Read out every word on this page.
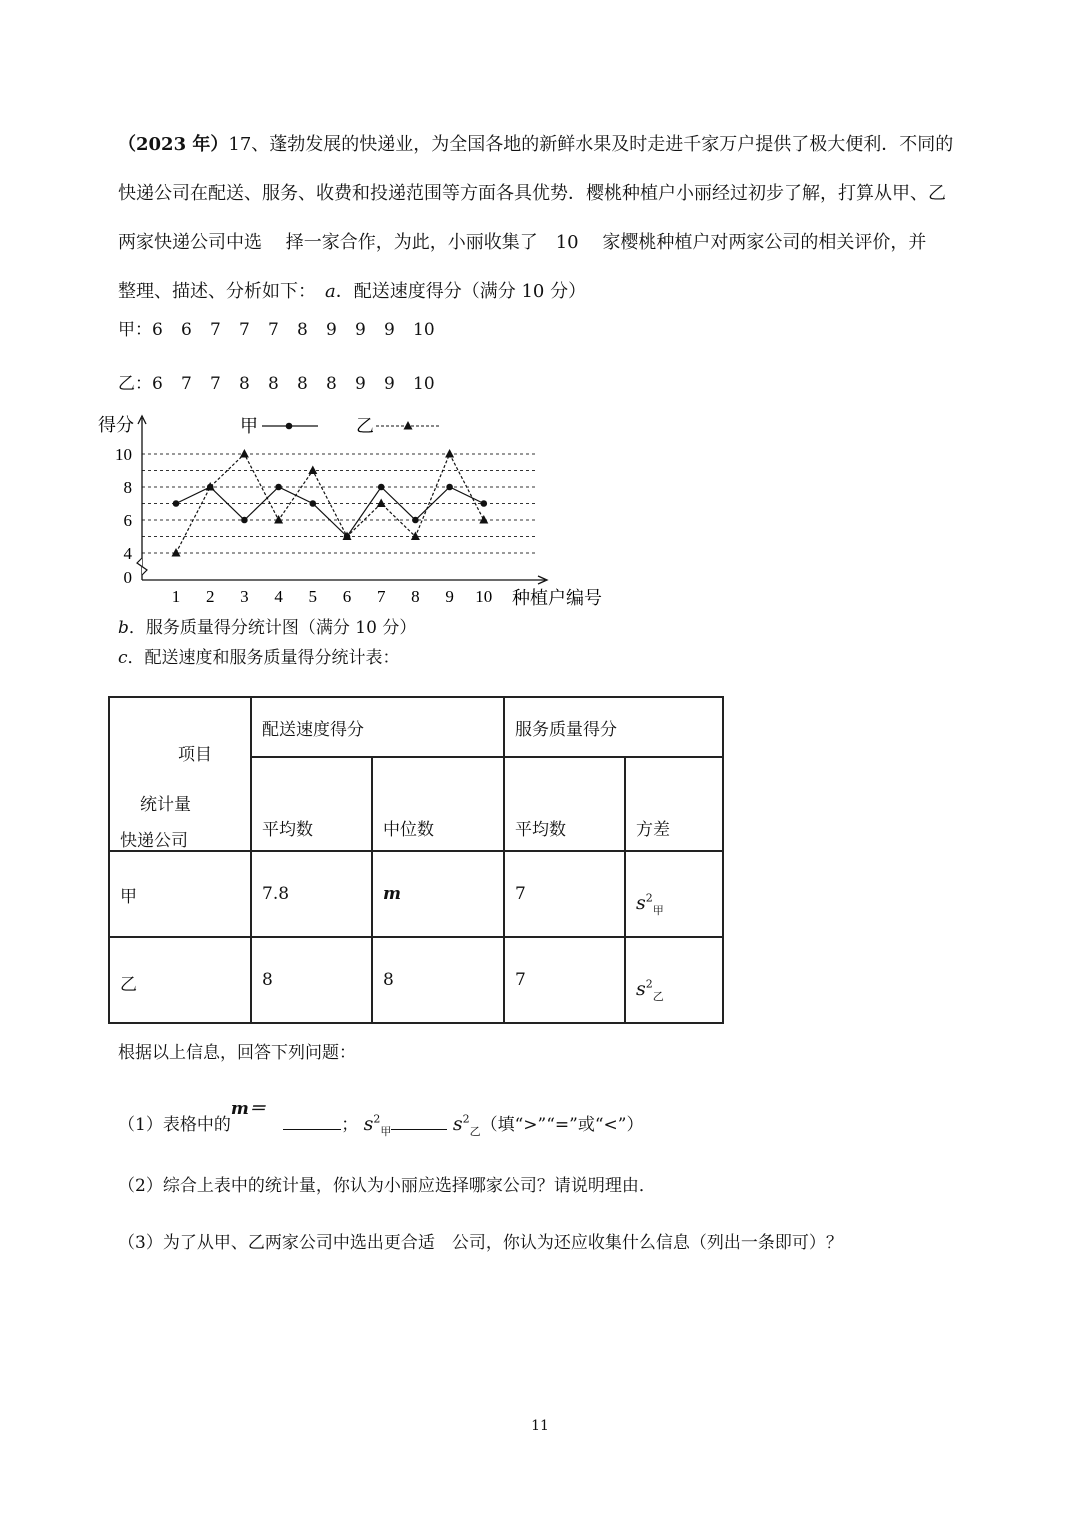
（2023 年）17、蓬勃发展的快递业，为全国各地的新鲜水果及时走进千家万户提供了极大便利．不同的
快递公司在配送、服务、收费和投递范围等方面各具优势．樱桃种植户小丽经过初步了解，打算从甲、乙
两家快递公司中选　 择一家合作，为此，小丽收集了　10　 家樱桃种植户对两家公司的相关评价，并
整理、描述、分析如下：　a．配送速度得分（满分 10 分）
甲：6 6 7 7 7 8 9 9 9 10
乙：6 7 7 8 8 8 8 9 9 10
0
4
6
8
10
1 2 3 4 5 6 7 8 9 10
得分
种植户编号
甲	乙
b．服务质量得分统计图（满分 10 分）
c．配送速度和服务质量得分统计表：
项目
统计量
快递公司	配送速度得分		服务质量得分	
	平均数	中位数	平均数	方差
甲	7.8	m	7	$s^2_甲$
乙	8	8	7	$s^2_乙$
根据以上信息，回答下列问题：
（1）表格中的m＝ ； $s^2_甲$	$s^2_乙$（填“>”“=”或“<”）
（2）综合上表中的统计量，你认为小丽应选择哪家公司？请说明理由．
（3）为了从甲、乙两家公司中选出更合适　公司，你认为还应收集什么信息（列出一条即可）？
11
